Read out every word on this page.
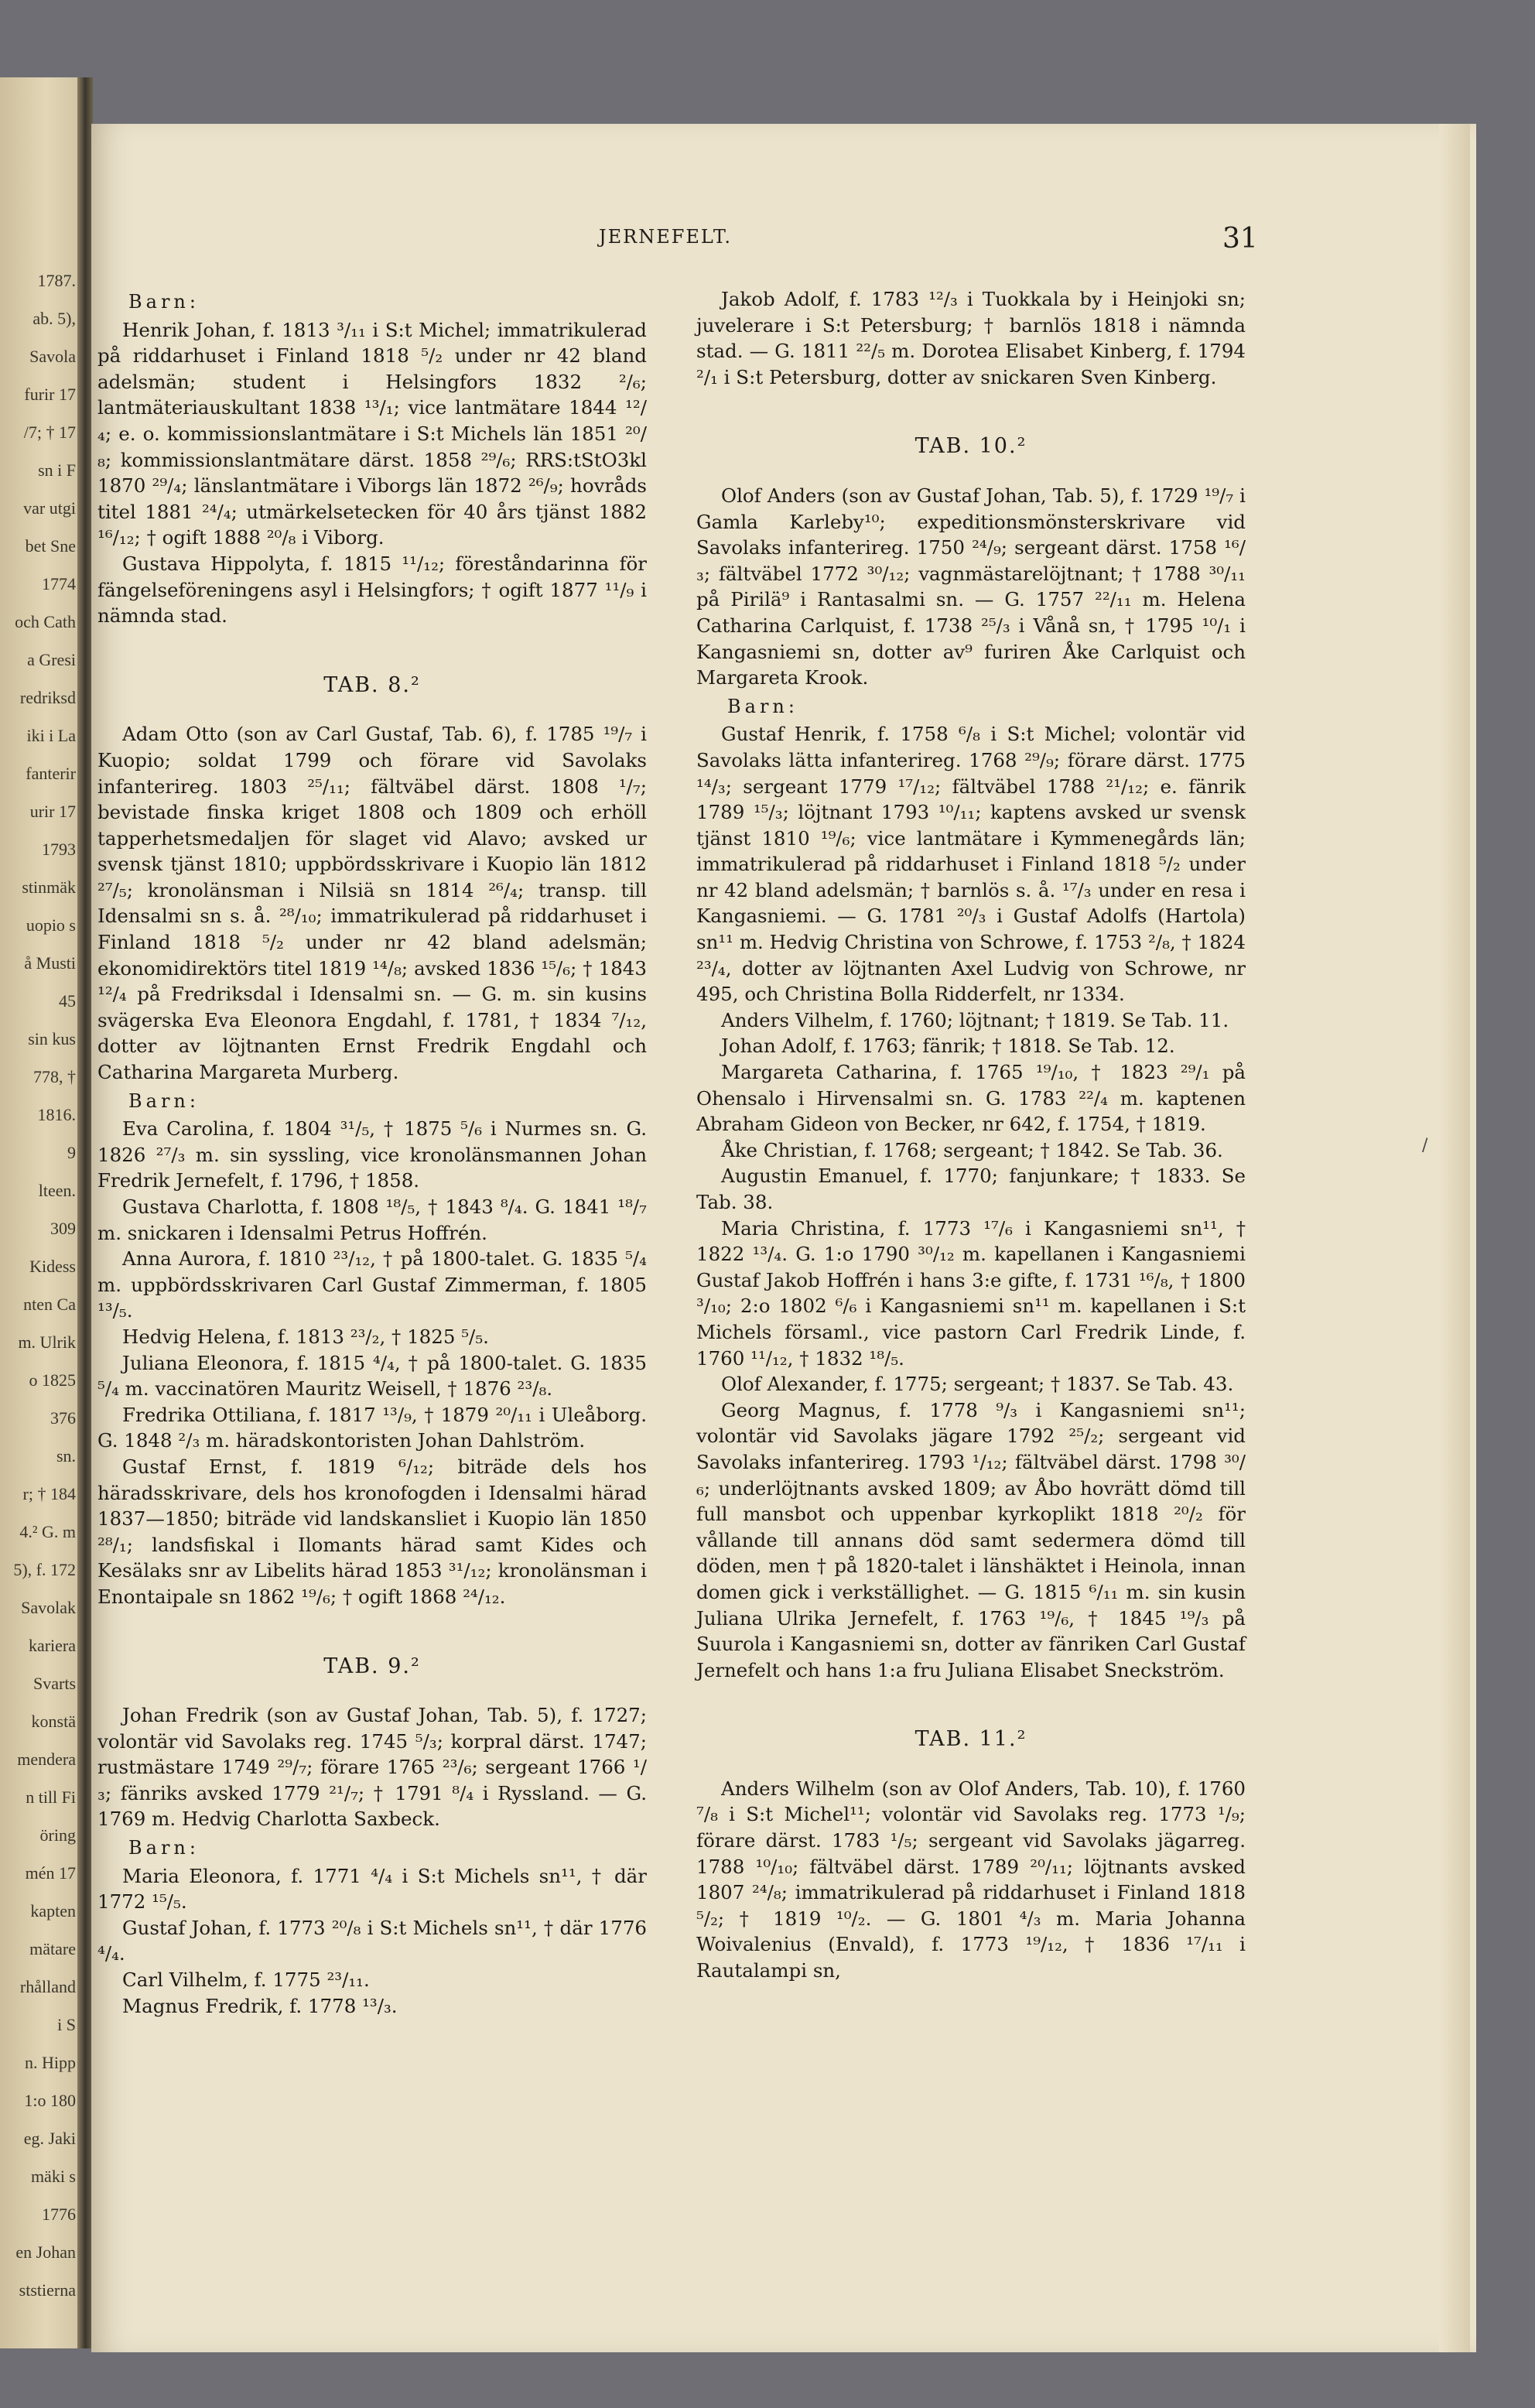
1787.
ab. 5),
Savola
furir 17
/7; † 17
sn i F
var utgi
bet Sne
1774
och Cath
a Gresi
redriksd
iki i La
fanterir
urir 17
1793
stinmäk
uopio s
å Musti
45
sin kus
778, †
1816.
9
lteen.
309
Kidess
nten Ca
m. Ulrik
o 1825
376
sn.
r; † 184
4.² G. m
5), f. 172
Savolak
kariera
Svarts
konstä
mendera
n till Fi
öring
mén 17
kapten
mätare
rhålland
i S
n. Hipp
1:o 180
eg. Jaki
mäki s
1776
en Johan
ststierna
JERNEFELT.	31
Barn:
Henrik Johan, f. 1813 ³/₁₁ i S:t Michel; immatrikulerad på riddarhuset i Finland 1818 ⁵/₂ under nr 42 bland adelsmän; student i Helsingfors 1832 ²/₆; lantmäteriauskultant 1838 ¹³/₁; vice lantmätare 1844 ¹²/₄; e. o. kommissionslantmätare i S:t Michels län 1851 ²⁰/₈; kommissionslantmätare därst. 1858 ²⁹/₆; RRS:tStO3kl 1870 ²⁹/₄; länslantmätare i Viborgs län 1872 ²⁶/₉; hovråds titel 1881 ²⁴/₄; utmärkelsetecken för 40 års tjänst 1882 ¹⁶/₁₂; † ogift 1888 ²⁰/₈ i Viborg.
Gustava Hippolyta, f. 1815 ¹¹/₁₂; föreståndarinna för fängelseföreningens asyl i Helsingfors; † ogift 1877 ¹¹/₉ i nämnda stad.
TAB. 8.²
Adam Otto (son av Carl Gustaf, Tab. 6), f. 1785 ¹⁹/₇ i Kuopio; soldat 1799 och förare vid Savolaks infanterireg. 1803 ²⁵/₁₁; fältväbel därst. 1808 ¹/₇; bevistade finska kriget 1808 och 1809 och erhöll tapperhetsmedaljen för slaget vid Alavo; avsked ur svensk tjänst 1810; uppbördsskrivare i Kuopio län 1812 ²⁷/₅; kronolänsman i Nilsiä sn 1814 ²⁶/₄; transp. till Idensalmi sn s. å. ²⁸/₁₀; immatrikulerad på riddarhuset i Finland 1818 ⁵/₂ under nr 42 bland adelsmän; ekonomidirektörs titel 1819 ¹⁴/₈; avsked 1836 ¹⁵/₆; † 1843 ¹²/₄ på Fredriksdal i Idensalmi sn. — G. m. sin kusins svägerska Eva Eleonora Engdahl, f. 1781, † 1834 ⁷/₁₂, dotter av löjtnanten Ernst Fredrik Engdahl och Catharina Margareta Murberg.
Barn:
Eva Carolina, f. 1804 ³¹/₅, † 1875 ⁵/₆ i Nurmes sn. G. 1826 ²⁷/₃ m. sin syssling, vice kronolänsmannen Johan Fredrik Jernefelt, f. 1796, † 1858.
Gustava Charlotta, f. 1808 ¹⁸/₅, † 1843 ⁸/₄. G. 1841 ¹⁸/₇ m. snickaren i Idensalmi Petrus Hoffrén.
Anna Aurora, f. 1810 ²³/₁₂, † på 1800-talet. G. 1835 ⁵/₄ m. uppbördsskrivaren Carl Gustaf Zimmerman, f. 1805 ¹³/₅.
Hedvig Helena, f. 1813 ²³/₂, † 1825 ⁵/₅.
Juliana Eleonora, f. 1815 ⁴/₄, † på 1800-talet. G. 1835 ⁵/₄ m. vaccinatören Mauritz Weisell, † 1876 ²³/₈.
Fredrika Ottiliana, f. 1817 ¹³/₉, † 1879 ²⁰/₁₁ i Uleåborg. G. 1848 ²/₃ m. häradskontoristen Johan Dahlström.
Gustaf Ernst, f. 1819 ⁶/₁₂; biträde dels hos häradsskrivare, dels hos kronofogden i Idensalmi härad 1837—1850; biträde vid landskansliet i Kuopio län 1850 ²⁸/₁; landsfiskal i Ilomants härad samt Kides och Kesälaks snr av Libelits härad 1853 ³¹/₁₂; kronolänsman i Enontaipale sn 1862 ¹⁹/₆; † ogift 1868 ²⁴/₁₂.
TAB. 9.²
Johan Fredrik (son av Gustaf Johan, Tab. 5), f. 1727; volontär vid Savolaks reg. 1745 ⁵/₃; korpral därst. 1747; rustmästare 1749 ²⁹/₇; förare 1765 ²³/₆; sergeant 1766 ¹/₃; fänriks avsked 1779 ²¹/₇; † 1791 ⁸/₄ i Ryssland. — G. 1769 m. Hedvig Charlotta Saxbeck.
Barn:
Maria Eleonora, f. 1771 ⁴/₄ i S:t Michels sn¹¹, † där 1772 ¹⁵/₅.
Gustaf Johan, f. 1773 ²⁰/₈ i S:t Michels sn¹¹, † där 1776 ⁴/₄.
Carl Vilhelm, f. 1775 ²³/₁₁.
Magnus Fredrik, f. 1778 ¹³/₃.
Jakob Adolf, f. 1783 ¹²/₃ i Tuokkala by i Heinjoki sn; juvelerare i S:t Petersburg; † barnlös 1818 i nämnda stad. — G. 1811 ²²/₅ m. Dorotea Elisabet Kinberg, f. 1794 ²/₁ i S:t Petersburg, dotter av snickaren Sven Kinberg.
TAB. 10.²
Olof Anders (son av Gustaf Johan, Tab. 5), f. 1729 ¹⁹/₇ i Gamla Karleby¹⁰; expeditionsmönsterskrivare vid Savolaks infanterireg. 1750 ²⁴/₉; sergeant därst. 1758 ¹⁶/₃; fältväbel 1772 ³⁰/₁₂; vagnmästarelöjtnant; † 1788 ³⁰/₁₁ på Pirilä⁹ i Rantasalmi sn. — G. 1757 ²²/₁₁ m. Helena Catharina Carlquist, f. 1738 ²⁵/₃ i Vånå sn, † 1795 ¹⁰/₁ i Kangasniemi sn, dotter av⁹ furiren Åke Carlquist och Margareta Krook.
Barn:
Gustaf Henrik, f. 1758 ⁶/₈ i S:t Michel; volontär vid Savolaks lätta infanterireg. 1768 ²⁹/₉; förare därst. 1775 ¹⁴/₃; sergeant 1779 ¹⁷/₁₂; fältväbel 1788 ²¹/₁₂; e. fänrik 1789 ¹⁵/₃; löjtnant 1793 ¹⁰/₁₁; kaptens avsked ur svensk tjänst 1810 ¹⁹/₆; vice lantmätare i Kymmenegårds län; immatrikulerad på riddarhuset i Finland 1818 ⁵/₂ under nr 42 bland adelsmän; † barnlös s. å. ¹⁷/₃ under en resa i Kangasniemi. — G. 1781 ²⁰/₃ i Gustaf Adolfs (Hartola) sn¹¹ m. Hedvig Christina von Schrowe, f. 1753 ²/₈, † 1824 ²³/₄, dotter av löjtnanten Axel Ludvig von Schrowe, nr 495, och Christina Bolla Ridderfelt, nr 1334.
Anders Vilhelm, f. 1760; löjtnant; † 1819. Se Tab. 11.
Johan Adolf, f. 1763; fänrik; † 1818. Se Tab. 12.
Margareta Catharina, f. 1765 ¹⁹/₁₀, † 1823 ²⁹/₁ på Ohensalo i Hirvensalmi sn. G. 1783 ²²/₄ m. kaptenen Abraham Gideon von Becker, nr 642, f. 1754, † 1819.
Åke Christian, f. 1768; sergeant; † 1842. Se Tab. 36.
Augustin Emanuel, f. 1770; fanjunkare; † 1833. Se Tab. 38.
Maria Christina, f. 1773 ¹⁷/₆ i Kangasniemi sn¹¹, † 1822 ¹³/₄. G. 1:o 1790 ³⁰/₁₂ m. kapellanen i Kangasniemi Gustaf Jakob Hoffrén i hans 3:e gifte, f. 1731 ¹⁶/₈, † 1800 ³/₁₀; 2:o 1802 ⁶/₆ i Kangasniemi sn¹¹ m. kapellanen i S:t Michels församl., vice pastorn Carl Fredrik Linde, f. 1760 ¹¹/₁₂, † 1832 ¹⁸/₅.
Olof Alexander, f. 1775; sergeant; † 1837. Se Tab. 43.
Georg Magnus, f. 1778 ⁹/₃ i Kangasniemi sn¹¹; volontär vid Savolaks jägare 1792 ²⁵/₂; sergeant vid Savolaks infanterireg. 1793 ¹/₁₂; fältväbel därst. 1798 ³⁰/₆; underlöjtnants avsked 1809; av Åbo hovrätt dömd till full mansbot och uppenbar kyrkoplikt 1818 ²⁰/₂ för vållande till annans död samt sedermera dömd till döden, men † på 1820-talet i länshäktet i Heinola, innan domen gick i verkställighet. — G. 1815 ⁶/₁₁ m. sin kusin Juliana Ulrika Jernefelt, f. 1763 ¹⁹/₆, † 1845 ¹⁹/₃ på Suurola i Kangasniemi sn, dotter av fänriken Carl Gustaf Jernefelt och hans 1:a fru Juliana Elisabet Sneckström.
TAB. 11.²
Anders Wilhelm (son av Olof Anders, Tab. 10), f. 1760 ⁷/₈ i S:t Michel¹¹; volontär vid Savolaks reg. 1773 ¹/₉; förare därst. 1783 ¹/₅; sergeant vid Savolaks jägarreg. 1788 ¹⁰/₁₀; fältväbel därst. 1789 ²⁰/₁₁; löjtnants avsked 1807 ²⁴/₈; immatrikulerad på riddarhuset i Finland 1818 ⁵/₂; † 1819 ¹⁰/₂. — G. 1801 ⁴/₃ m. Maria Johanna Woivalenius (Envald), f. 1773 ¹⁹/₁₂, † 1836 ¹⁷/₁₁ i Rautalampi sn,
/
